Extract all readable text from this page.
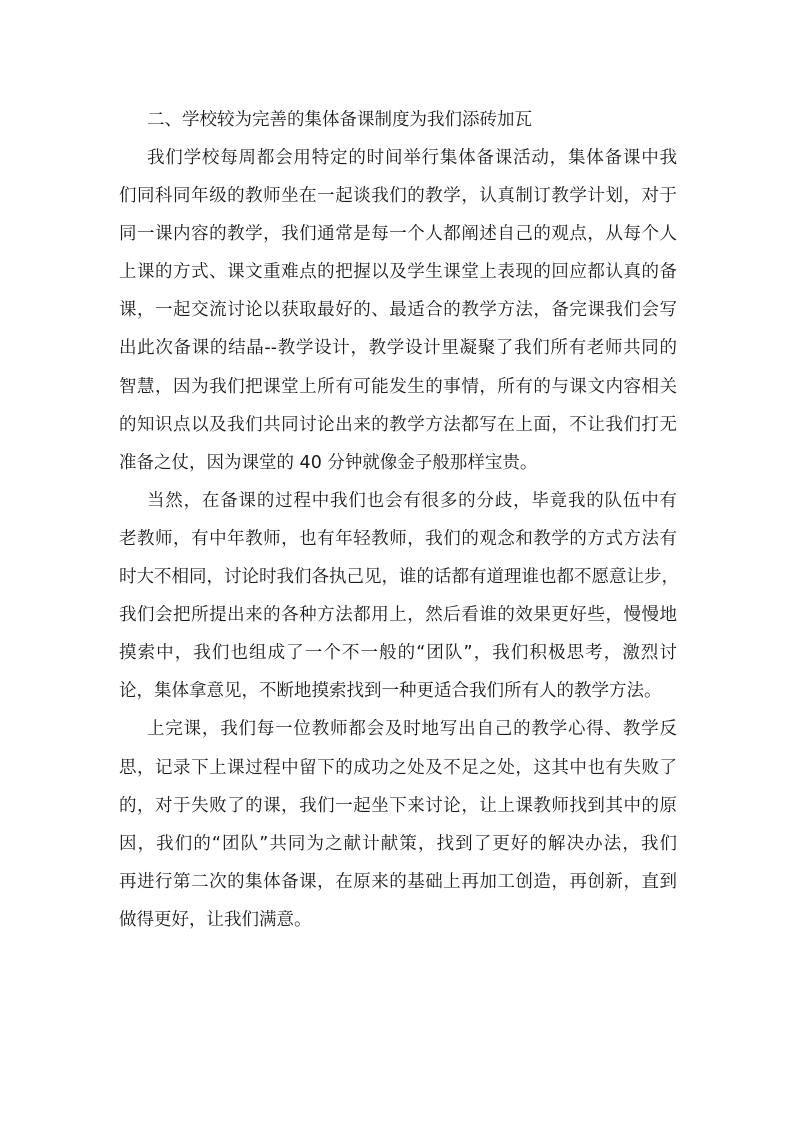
二、学校较为完善的集体备课制度为我们添砖加瓦

我们学校每周都会用特定的时间举行集体备课活动，集体备课中我
们同科同年级的教师坐在一起谈我们的教学，认真制订教学计划，对于
同一课内容的教学，我们通常是每一个人都阐述自己的观点，从每个人
上课的方式、课文重难点的把握以及学生课堂上表现的回应都认真的备
课，一起交流讨论以获取最好的、最适合的教学方法，备完课我们会写
出此次备课的结晶--教学设计，教学设计里凝聚了我们所有老师共同的
智慧，因为我们把课堂上所有可能发生的事情，所有的与课文内容相关
的知识点以及我们共同讨论出来的教学方法都写在上面，不让我们打无
准备之仗，因为课堂的 40 分钟就像金子般那样宝贵。

当然，在备课的过程中我们也会有很多的分歧，毕竟我的队伍中有
老教师，有中年教师，也有年轻教师，我们的观念和教学的方式方法有
时大不相同，讨论时我们各执己见，谁的话都有道理谁也都不愿意让步，
我们会把所提出来的各种方法都用上，然后看谁的效果更好些，慢慢地
摸索中，我们也组成了一个不一般的“团队”，我们积极思考，激烈讨
论，集体拿意见，不断地摸索找到一种更适合我们所有人的教学方法。

上完课，我们每一位教师都会及时地写出自己的教学心得、教学反
思，记录下上课过程中留下的成功之处及不足之处，这其中也有失败了
的，对于失败了的课，我们一起坐下来讨论，让上课教师找到其中的原
因，我们的“团队”共同为之献计献策，找到了更好的解决办法，我们
再进行第二次的集体备课，在原来的基础上再加工创造，再创新，直到
做得更好，让我们满意。
